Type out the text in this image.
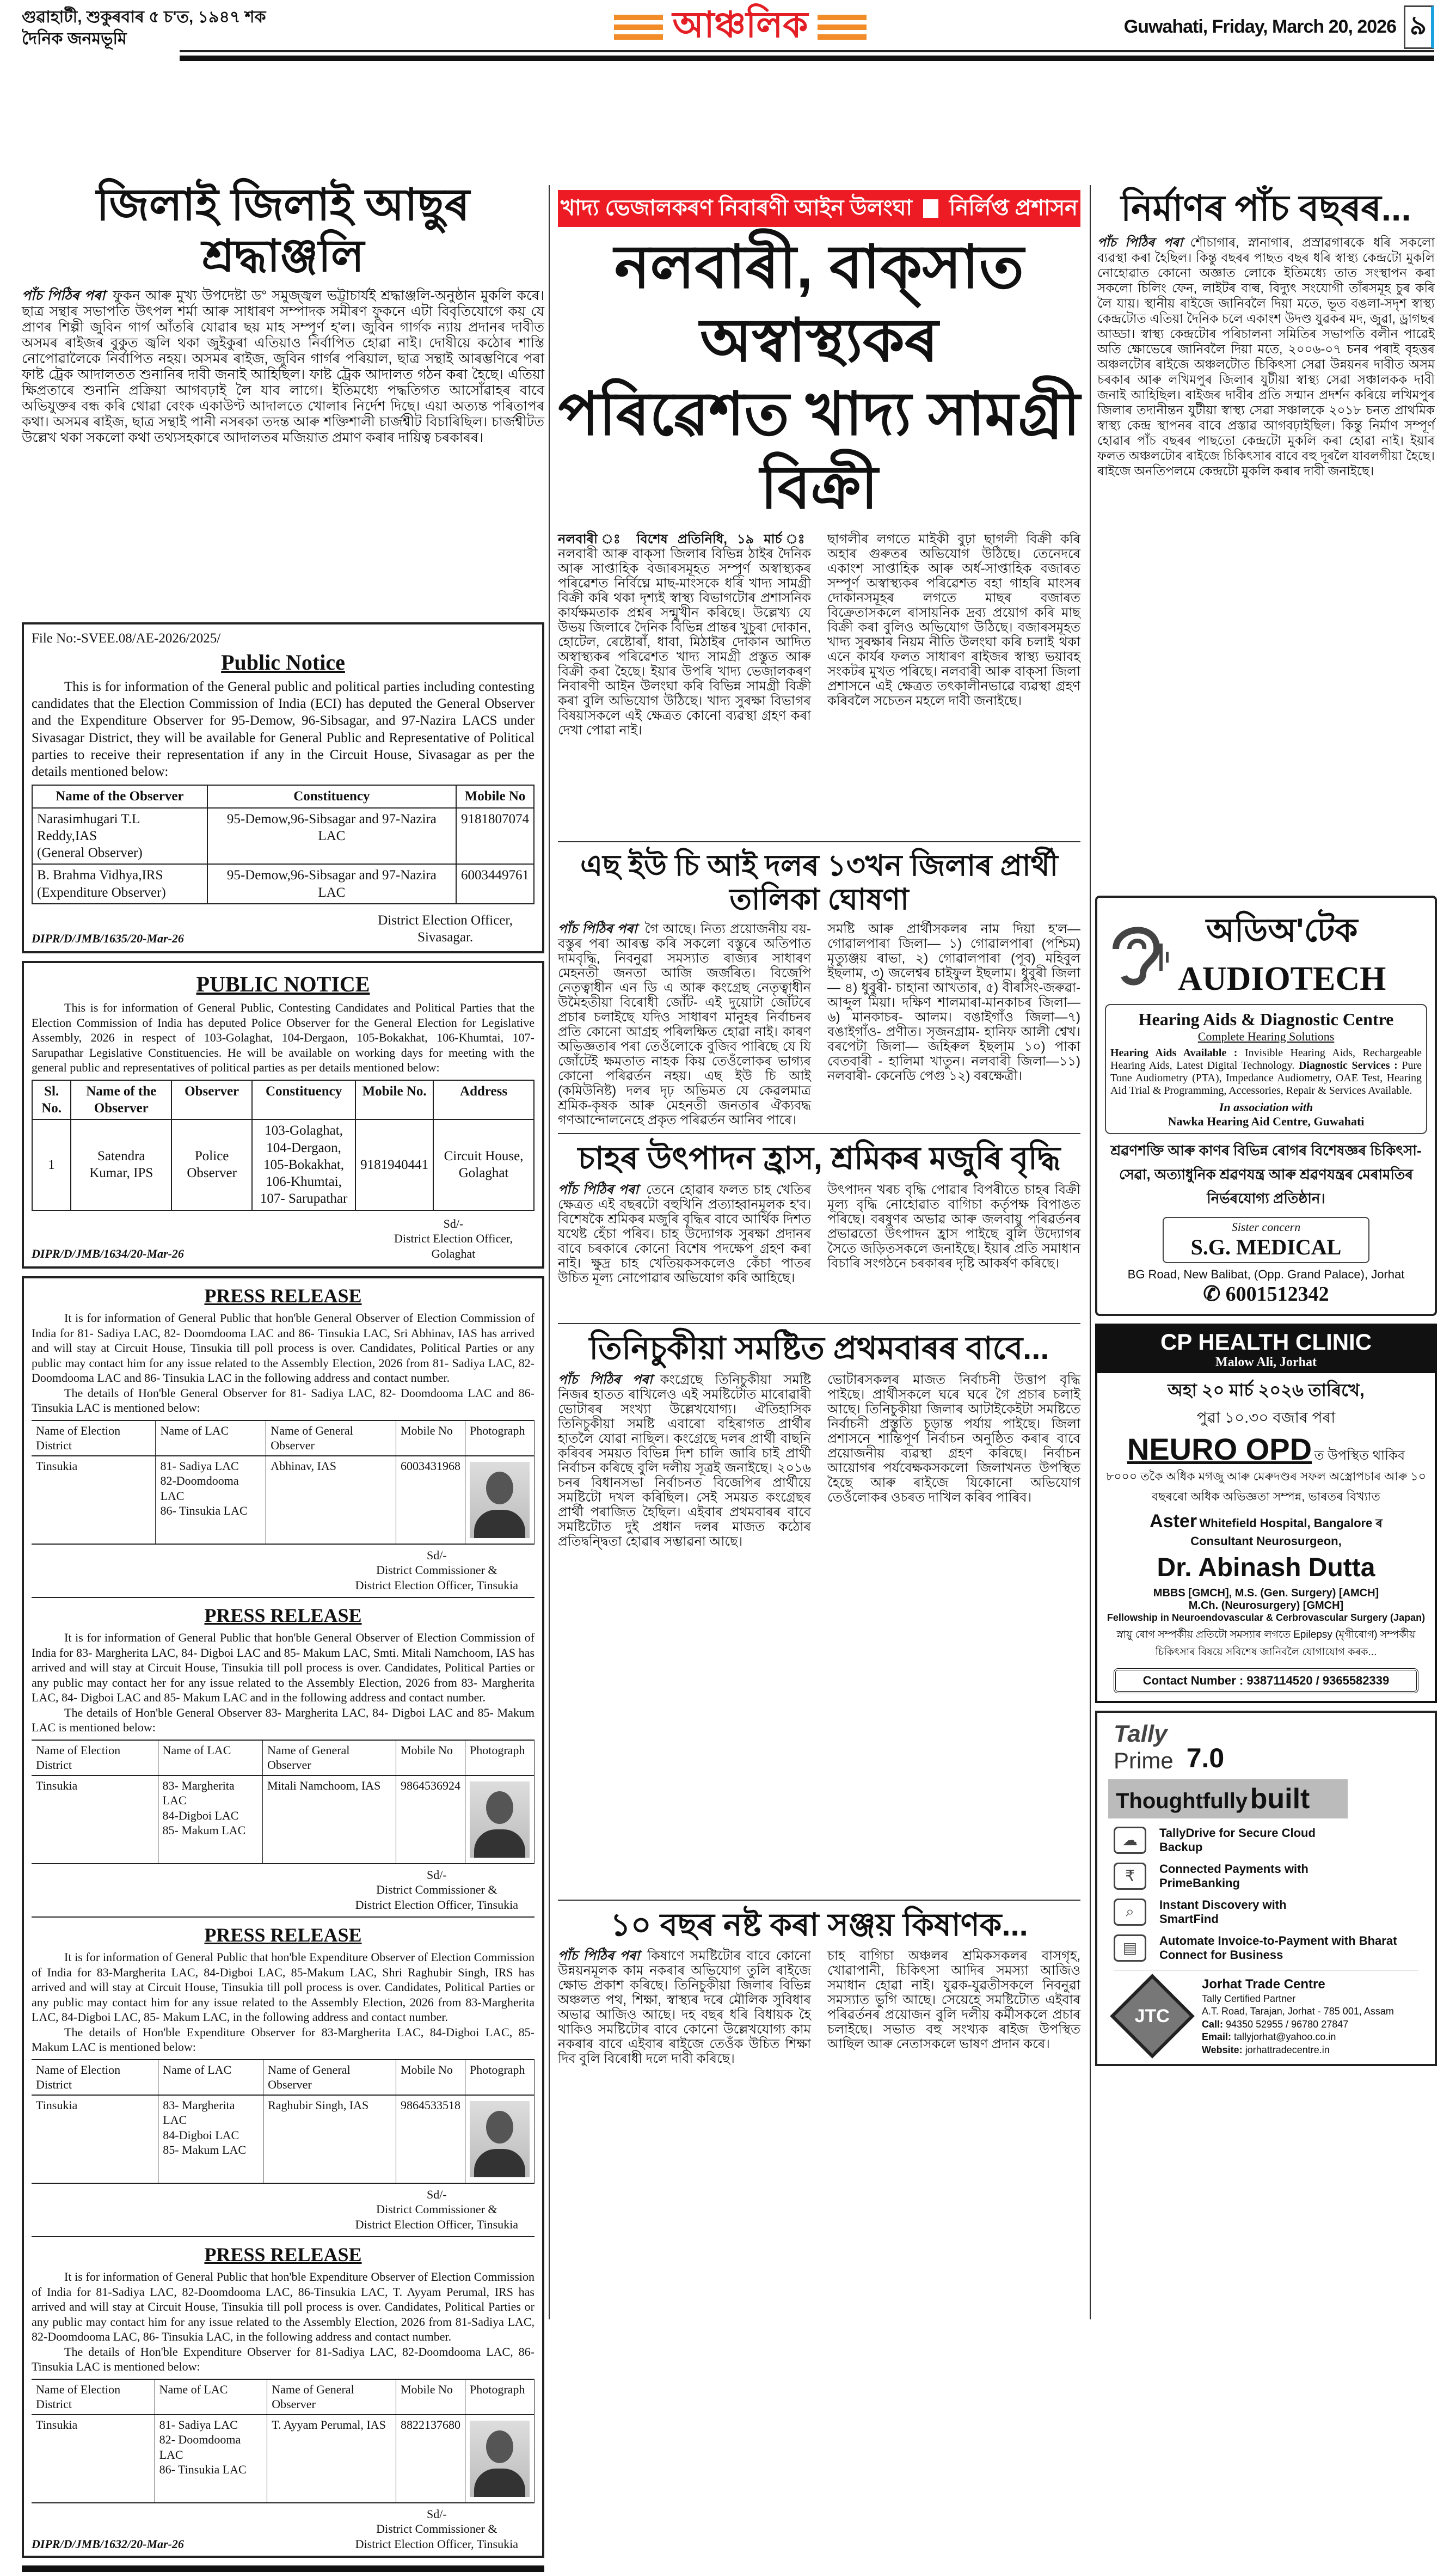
গুৱাহাটী, শুকুৰবাৰ ৫ চ'ত, ১৯৪৭ শক
দৈনিক জনমভূমি	আঞ্চলিক	Guwahati, Friday, March 20, 2026 ৯
জিলাই জিলাই আছুৰ শ্ৰদ্ধাঞ্জলি
পাঁচ পিঠিৰ পৰা ফুকন আৰু মুখ্য উপদেষ্টা ড° সমুজ্জ্বল ভট্টাচাৰ্যই শ্ৰদ্ধাঞ্জলি-অনুষ্ঠান মুকলি কৰে। ছাত্ৰ সন্থাৰ সভাপতি উৎপল শৰ্মা আৰু সাধাৰণ সম্পাদক সমীৰণ ফুকনে এটা বিবৃতিযোগে কয় যে প্ৰাণৰ শিল্পী জুবিন গাৰ্গ আঁতৰি যোৱাৰ ছয় মাহ সম্পূৰ্ণ হ'ল। জুবিন গাৰ্গক ন্যায় প্ৰদানৰ দাবীত অসমৰ ৰাইজৰ বুকুত জ্বলি থকা জুইকুৰা এতিয়াও নিৰ্বাপিত হোৱা নাই। দোষীয়ে কঠোৰ শাস্তি নোপোৱালৈকে নিৰ্বাপিত নহয়। অসমৰ ৰাইজ, জুবিন গাৰ্গৰ পৰিয়াল, ছাত্ৰ সন্থাই আৰম্ভণিৰে পৰা ফাষ্ট ট্ৰেক আদালতত শুনানিৰ দাবী জনাই আহিছিল। ফাষ্ট ট্ৰেক আদালত গঠন কৰা হৈছে। এতিয়া ক্ষিপ্ৰতাৰে শুনানি প্ৰক্ৰিয়া আগবঢ়াই লৈ যাব লাগে। ইতিমধ্যে পদ্ধতিগত আসোঁৱাহৰ বাবে অভিযুক্তৰ বন্ধ কৰি থোৱা বেংক একাউণ্ট আদালতে খোলাৰ নিৰ্দেশ দিছে। এয়া অত্যন্ত পৰিতাপৰ কথা। অসমৰ ৰাইজ, ছাত্ৰ সন্থাই পানী নসৰকা তদন্ত আৰু শক্তিশালী চাৰ্জশ্বীট বিচাৰিছিল। চাৰ্জশ্বীটত উল্লেখ থকা সকলো কথা তথ্যসহকাৰে আদালতৰ মজিয়াত প্ৰমাণ কৰাৰ দায়িত্ব চৰকাৰৰ।
File No:-SVEE.08/AE-2026/2025/
Public Notice

This is for information of the General public and political parties including contesting candidates that the Election Commission of India (ECI) has deputed the General Observer and the Expenditure Observer for 95-Demow, 96-Sibsagar, and 97-Nazira LACS under Sivasagar District, they will be available for General Public and Representative of Political parties to receive their representation if any in the Circuit House, Sivasagar as per the details mentioned below:

Name of the Observer	Constituency	Mobile No

Narasimhugari T.L Reddy,IAS
(General Observer)	95-Demow,96-Sibsagar and 97-Nazira LAC	9181807074

B. Brahma Vidhya,IRS
(Expenditure Observer)	95-Demow,96-Sibsagar and 97-Nazira LAC	6003449761
DIPR/D/JMB/1635/20-Mar-26
District Election Officer,
Sivasagar.
PUBLIC NOTICE

This is for information of General Public, Contesting Candidates and Political Parties that the Election Commission of India has deputed Police Observer for the General Election for Legislative Assembly, 2026 in respect of 103-Golaghat, 104-Dergaon, 105-Bokakhat, 106-Khumtai, 107- Sarupathar Legislative Constituencies. He will be available on working days for meeting with the general public and representatives of political parties as per details mentioned below:

Sl. No.	Name of the Observer	Observer	Constituency	Mobile No.	Address
1	Satendra Kumar, IPS	Police Observer	103-Golaghat, 104-Dergaon, 105-Bokakhat, 106-Khumtai, 107- Sarupathar	9181940441	Circuit House, Golaghat
DIPR/D/JMB/1634/20-Mar-26
Sd/-
District Election Officer,
Golaghat
PRESS RELEASE

It is for information of General Public that hon'ble General Observer of Election Commission of India for 81- Sadiya LAC, 82- Doomdooma LAC and 86- Tinsukia LAC, Sri Abhinav, IAS has arrived and will stay at Circuit House, Tinsukia till poll process is over. Candidates, Political Parties or any public may contact him for any issue related to the Assembly Election, 2026 from 81- Sadiya LAC, 82- Doomdooma LAC and 86- Tinsukia LAC in the following address and contact number.

The details of Hon'ble General Observer for 81- Sadiya LAC, 82- Doomdooma LAC and 86- Tinsukia LAC is mentioned below:

Name of Election District	Name of LAC	Name of General Observer	Mobile No	Photograph
Tinsukia	81- Sadiya LAC
82-Doomdooma LAC
86- Tinsukia LAC	Abhinav, IAS	6003431968	
Sd/-
District Commissioner &
District Election Officer, Tinsukia
PRESS RELEASE

It is for information of General Public that hon'ble General Observer of Election Commission of India for 83- Margherita LAC, 84- Digboi LAC and 85- Makum LAC, Smti. Mitali Namchoom, IAS has arrived and will stay at Circuit House, Tinsukia till poll process is over. Candidates, Political Parties or any public may contact her for any issue related to the Assembly Election, 2026 from 83- Margherita LAC, 84- Digboi LAC and 85- Makum LAC and in the following address and contact number.

The details of Hon'ble General Observer 83- Margherita LAC, 84- Digboi LAC and 85- Makum LAC is mentioned below:

Name of Election District	Name of LAC	Name of General Observer	Mobile No	Photograph
Tinsukia	83- Margherita LAC
84-Digboi LAC
85- Makum LAC	Mitali Namchoom, IAS	9864536924	
Sd/-
District Commissioner &
District Election Officer, Tinsukia
PRESS RELEASE

It is for information of General Public that hon'ble Expenditure Observer of Election Commission of India for 83-Margherita LAC, 84-Digboi LAC, 85-Makum LAC, Shri Raghubir Singh, IRS has arrived and will stay at Circuit House, Tinsukia till poll process is over. Candidates, Political Parties or any public may contact him for any issue related to the Assembly Election, 2026 from 83-Margherita LAC, 84-Digboi LAC, 85- Makum LAC, in the following address and contact number.

The details of Hon'ble Expenditure Observer for 83-Margherita LAC, 84-Digboi LAC, 85-Makum LAC is mentioned below:

Name of Election District	Name of LAC	Name of General Observer	Mobile No	Photograph
Tinsukia	83- Margherita LAC
84-Digboi LAC
85- Makum LAC	Raghubir Singh, IAS	9864533518	
Sd/-
District Commissioner &
District Election Officer, Tinsukia
PRESS RELEASE

It is for information of General Public that hon'ble Expenditure Observer of Election Commission of India for 81-Sadiya LAC, 82-Doomdooma LAC, 86-Tinsukia LAC, T. Ayyam Perumal, IRS has arrived and will stay at Circuit House, Tinsukia till poll process is over. Candidates, Political Parties or any public may contact him for any issue related to the Assembly Election, 2026 from 81-Sadiya LAC, 82-Doomdooma LAC, 86- Tinsukia LAC, in the following address and contact number.

The details of Hon'ble Expenditure Observer for 81-Sadiya LAC, 82-Doomdooma LAC, 86-Tinsukia LAC is mentioned below:

Name of Election District	Name of LAC	Name of General Observer	Mobile No	Photograph
Tinsukia	81- Sadiya LAC
82- Doomdooma LAC
86- Tinsukia LAC	T. Ayyam Perumal, IAS	8822137680	
DIPR/D/JMB/1632/20-Mar-26
Sd/-
District Commissioner &
District Election Officer, Tinsukia
খাদ্য ভেজালকৰণ নিবাৰণী আইন উলংঘা নিৰ্লিপ্ত প্ৰশাসন
নলবাৰী, বাক্‌সাত অস্বাস্থ্যকৰ
পৰিৱেশত খাদ্য সামগ্ৰী বিক্ৰী
নলবাৰী ঃ বিশেষ প্ৰতিনিধি, ১৯ মাৰ্চ ঃ নলবাৰী আৰু বাক্‌সা জিলাৰ বিভিন্ন ঠাইৰ দৈনিক আৰু সাপ্তাহিক বজাৰসমূহত সম্পূৰ্ণ অস্বাস্থ্যকৰ পৰিৱেশত নিৰ্বিঘ্নে মাছ-মাংসকে ধৰি খাদ্য সামগ্ৰী বিক্ৰী কৰি থকা দৃশ্যই স্বাস্থ্য বিভাগটোৰ প্ৰশাসনিক কাৰ্যক্ষমতাক প্ৰশ্নৰ সন্মুখীন কৰিছে। উল্লেখ্য যে উভয় জিলাৰে দৈনিক বিভিন্ন প্ৰান্তৰ খুচুৰা দোকান, হোটেল, ৰেষ্টোৰাঁ, ধাবা, মিঠাইৰ দোকান আদিত অস্বাস্থ্যকৰ পৰিৱেশত খাদ্য সামগ্ৰী প্ৰস্তুত আৰু বিক্ৰী কৰা হৈছে। ইয়াৰ উপৰি খাদ্য ভেজালকৰণ নিবাৰণী আইন উলংঘা কৰি বিভিন্ন সামগ্ৰী বিক্ৰী কৰা বুলি অভিযোগ উঠিছে। খাদ্য সুৰক্ষা বিভাগৰ বিষয়াসকলে এই ক্ষেত্ৰত কোনো ব্যৱস্থা গ্ৰহণ কৰা দেখা পোৱা নাই।
ছাগলীৰ লগতে মাইকী বুঢ়া ছাগলী বিক্ৰী কৰি অহাৰ গুৰুতৰ অভিযোগ উঠিছে। তেনেদৰে একাংশ সাপ্তাহিক আৰু অৰ্ধ-সাপ্তাহিক বজাৰত সম্পূৰ্ণ অস্বাস্থ্যকৰ পৰিৱেশত বহা গাহৰি মাংসৰ দোকানসমূহৰ লগতে মাছৰ বজাৰত বিক্ৰেতাসকলে ৰাসায়নিক দ্ৰব্য প্ৰয়োগ কৰি মাছ বিক্ৰী কৰা বুলিও অভিযোগ উঠিছে। বজাৰসমূহত খাদ্য সুৰক্ষাৰ নিয়ম নীতি উলংঘা কৰি চলাই থকা এনে কাৰ্যৰ ফলত সাধাৰণ ৰাইজৰ স্বাস্থ্য ভয়াবহ সংকটৰ মুখত পৰিছে। নলবাৰী আৰু বাক্‌সা জিলা প্ৰশাসনে এই ক্ষেত্ৰত তৎকালীনভাৱে ব্যৱস্থা গ্ৰহণ কৰিবলৈ সচেতন মহলে দাবী জনাইছে।
এছ ইউ চি আই দলৰ ১৩খন জিলাৰ প্ৰাৰ্থী তালিকা ঘোষণা
পাঁচ পিঠিৰ পৰা গৈ আছে। নিত্য প্ৰয়োজনীয় বয়-বস্তুৰ পৰা আৰম্ভ কৰি সকলো বস্তুৰে অতিপাত দামবৃদ্ধি, নিবনুৱা সমস্যাত ৰাজ্যৰ সাধাৰণ মেহনতী জনতা আজি জৰ্জৰিত। বিজেপি নেতৃত্বাধীন এন ডি এ আৰু কংগ্ৰেছ নেতৃত্বাধীন উমৈহতীয়া বিৰোধী জোঁট- এই দুয়োটা জোঁটৰে প্ৰচাৰ চলাইছে যদিও সাধাৰণ মানুহৰ নিৰ্বাচনৰ প্ৰতি কোনো আগ্ৰহ পৰিলক্ষিত হোৱা নাই। কাৰণ অভিজ্ঞতাৰ পৰা তেওঁলোকে বুজিব পাৰিছে যে যি জোঁটেই ক্ষমতাত নাহক কিয় তেওঁলোকৰ ভাগ্যৰ কোনো পৰিৱৰ্তন নহয়। এছ ইউ চি আই (কমিউনিষ্ট) দলৰ দৃঢ় অভিমত যে কেৱলমাত্ৰ শ্ৰমিক-কৃষক আৰু মেহনতী জনতাৰ ঐক্যবদ্ধ গণআন্দোলনেহে প্ৰকৃত পৰিৱৰ্তন আনিব পাৰে।
সমষ্টি আৰু প্ৰাৰ্থীসকলৰ নাম দিয়া হ'ল— গোৱালপাৰা জিলা— ১) গোৱালপাৰা (পশ্চিম) মৃত্যুঞ্জয় ৰাভা, ২) গোৱালপাৰা (পূব) মহিবুল ইছলাম, ৩) জলেশ্বৰ চাইফুল ইছলাম। ধুবুৰী জিলা— ৪) ধুবুৰী- চাহানা আখতাৰ, ৫) বীৰসিং-জৰুৱা- আব্দুল মিয়া। দক্ষিণ শালমাৰা-মানকাচৰ জিলা— ৬) মানকাচৰ- আলম। বঙাইগাঁও জিলা—৭) বঙাইগাঁও- প্ৰণীত। সৃজনগ্ৰাম- হানিফ আলী শ্বেখ। বৰপেটা জিলা— জহিৰুল ইছলাম ১০) পাকা বেতবাৰী - হালিমা খাতুন। নলবাৰী জিলা—১১) নলবাৰী- কেনেডি পেগু ১২) বৰক্ষেত্ৰী।
চাহৰ উৎপাদন হ্ৰাস, শ্ৰমিকৰ মজুৰি বৃদ্ধি
পাঁচ পিঠিৰ পৰা তেনে হোৱাৰ ফলত চাহ খেতিৰ ক্ষেত্ৰত এই বছৰটো বহুখিনি প্ৰত্যাহ্বানমূলক হ'ব। বিশেষকৈ শ্ৰমিকৰ মজুৰি বৃদ্ধিৰ বাবে আৰ্থিক দিশত যথেষ্ট হেঁচা পৰিব। চাহ উদ্যোগক সুৰক্ষা প্ৰদানৰ বাবে চৰকাৰে কোনো বিশেষ পদক্ষেপ গ্ৰহণ কৰা নাই। ক্ষুদ্ৰ চাহ খেতিয়কসকলেও কেঁচা পাতৰ উচিত মূল্য নোপোৱাৰ অভিযোগ কৰি আহিছে।
উৎপাদন খৰচ বৃদ্ধি পোৱাৰ বিপৰীতে চাহৰ বিক্ৰী মূল্য বৃদ্ধি নোহোৱাত বাগিচা কৰ্তৃপক্ষ বিপাঙত পৰিছে। বৰষুণৰ অভাৱ আৰু জলবায়ু পৰিৱৰ্তনৰ প্ৰভাৱতো উৎপাদন হ্ৰাস পাইছে বুলি উদ্যোগৰ সৈতে জড়িতসকলে জনাইছে। ইয়াৰ প্ৰতি সমাধান বিচাৰি সংগঠনে চৰকাৰৰ দৃষ্টি আকৰ্ষণ কৰিছে।
তিনিচুকীয়া সমষ্টিত প্ৰথমবাৰৰ বাবে...
পাঁচ পিঠিৰ পৰা কংগ্ৰেছে তিনিচুকীয়া সমষ্টি নিজৰ হাতত ৰাখিলেও এই সমষ্টিটোত মাৰোৱাৰী ভোটাৰৰ সংখ্যা উল্লেখযোগ্য। ঐতিহাসিক তিনিচুকীয়া সমষ্টি এবাৰো বহিৰাগত প্ৰাৰ্থীৰ হাতলৈ যোৱা নাছিল। কংগ্ৰেছে দলৰ প্ৰাৰ্থী বাছনি কৰিবৰ সময়ত বিভিন্ন দিশ চালি জাৰি চাই প্ৰাৰ্থী নিৰ্বাচন কৰিছে বুলি দলীয় সূত্ৰই জনাইছে। ২০১৬ চনৰ বিধানসভা নিৰ্বাচনত বিজেপিৰ প্ৰাৰ্থীয়ে সমষ্টিটো দখল কৰিছিল। সেই সময়ত কংগ্ৰেছৰ প্ৰাৰ্থী পৰাজিত হৈছিল। এইবাৰ প্ৰথমবাৰৰ বাবে সমষ্টিটোত দুই প্ৰধান দলৰ মাজত কঠোৰ প্ৰতিদ্বন্দ্বিতা হোৱাৰ সম্ভাৱনা আছে।
ভোটাৰসকলৰ মাজত নিৰ্বাচনী উত্তাপ বৃদ্ধি পাইছে। প্ৰাৰ্থীসকলে ঘৰে ঘৰে গৈ প্ৰচাৰ চলাই আছে। তিনিচুকীয়া জিলাৰ আটাইকেইটা সমষ্টিতে নিৰ্বাচনী প্ৰস্তুতি চূড়ান্ত পৰ্যায় পাইছে। জিলা প্ৰশাসনে শান্তিপূৰ্ণ নিৰ্বাচন অনুষ্ঠিত কৰাৰ বাবে প্ৰয়োজনীয় ব্যৱস্থা গ্ৰহণ কৰিছে। নিৰ্বাচন আয়োগৰ পৰ্যবেক্ষকসকলো জিলাখনত উপস্থিত হৈছে আৰু ৰাইজে যিকোনো অভিযোগ তেওঁলোকৰ ওচৰত দাখিল কৰিব পাৰিব।
১০ বছৰ নষ্ট কৰা সঞ্জয় কিষাণক...
পাঁচ পিঠিৰ পৰা কিষাণে সমষ্টিটোৰ বাবে কোনো উন্নয়নমূলক কাম নকৰাৰ অভিযোগ তুলি ৰাইজে ক্ষোভ প্ৰকাশ কৰিছে। তিনিচুকীয়া জিলাৰ বিভিন্ন অঞ্চলত পথ, শিক্ষা, স্বাস্থ্যৰ দৰে মৌলিক সুবিধাৰ অভাৱ আজিও আছে। দহ বছৰ ধৰি বিধায়ক হৈ থাকিও সমষ্টিটোৰ বাবে কোনো উল্লেখযোগ্য কাম নকৰাৰ বাবে এইবাৰ ৰাইজে তেওঁক উচিত শিক্ষা দিব বুলি বিৰোধী দলে দাবী কৰিছে।
চাহ বাগিচা অঞ্চলৰ শ্ৰমিকসকলৰ বাসগৃহ, খোৱাপানী, চিকিৎসা আদিৰ সমস্যা আজিও সমাধান হোৱা নাই। যুৱক-যুৱতীসকলে নিবনুৱা সমস্যাত ভুগি আছে। সেয়েহে সমষ্টিটোত এইবাৰ পৰিৱৰ্তনৰ প্ৰয়োজন বুলি দলীয় কৰ্মীসকলে প্ৰচাৰ চলাইছে। সভাত বহু সংখ্যক ৰাইজ উপস্থিত আছিল আৰু নেতাসকলে ভাষণ প্ৰদান কৰে।
নিৰ্মাণৰ পাঁচ বছৰৰ...
পাঁচ পিঠিৰ পৰা শৌচাগাৰ, স্নানাগাৰ, প্ৰস্ৰাৱগাৰকে ধৰি সকলো ব্যৱস্থা কৰা হৈছিল। কিন্তু বছৰৰ পাছত বছৰ ধৰি স্বাস্থ্য কেন্দ্ৰটো মুকলি নোহোৱাত কোনো অজ্ঞাত লোকে ইতিমধ্যে তাত সংস্থাপন কৰা সকলো চিলিং ফেন, লাইটৰ বাল্ব, বিদ্যুৎ সংযোগী তাঁৰসমূহ চুৰ কৰি লৈ যায়। স্থানীয় ৰাইজে জানিবলৈ দিয়া মতে, ভূত বঙলা-সদৃশ স্বাস্থ্য কেন্দ্ৰটোত এতিয়া দৈনিক চলে একাংশ উদণ্ড যুৱকৰ মদ, জুৱা, ড্ৰাগছৰ আড্ডা। স্বাস্থ্য কেন্দ্ৰটোৰ পৰিচালনা সমিতিৰ সভাপতি বলীন পাৱেই অতি ক্ষোভেৰে জানিবলৈ দিয়া মতে, ২০০৬-০৭ চনৰ পৰাই বৃহত্তৰ অঞ্চলটোৰ ৰাইজে অঞ্চলটোত চিকিৎসা সেৱা উন্নয়নৰ দাবীত অসম চৰকাৰ আৰু লখিমপুৰ জিলাৰ যুটীয়া স্বাস্থ্য সেৱা সঞ্চালকক দাবী জনাই আহিছিল। ৰাইজৰ দাবীৰ প্ৰতি সন্মান প্ৰদৰ্শন কৰিয়ে লখিমপুৰ জিলাৰ তদানীন্তন যুটীয়া স্বাস্থ্য সেৱা সঞ্চালকে ২০১৮ চনত প্ৰাথমিক স্বাস্থ্য কেন্দ্ৰ স্থাপনৰ বাবে প্ৰস্তাৱ আগবঢ়াইছিল। কিন্তু নিৰ্মাণ সম্পূৰ্ণ হোৱাৰ পাঁচ বছৰৰ পাছতো কেন্দ্ৰটো মুকলি কৰা হোৱা নাই। ইয়াৰ ফলত অঞ্চলটোৰ ৰাইজে চিকিৎসাৰ বাবে বহু দূৰলৈ যাবলগীয়া হৈছে। ৰাইজে অনতিপলমে কেন্দ্ৰটো মুকলি কৰাৰ দাবী জনাইছে।
অডিঅ'টেক
AUDIOTECH
Hearing Aids & Diagnostic Centre
Complete Hearing Solutions
Hearing Aids Available : Invisible Hearing Aids, Rechargeable Hearing Aids, Latest Digital Technology. Diagnostic Services : Pure Tone Audiometry (PTA), Impedance Audiometry, OAE Test, Hearing Aid Trial & Programming, Accessories, Repair & Services Available.
In association with
Nawka Hearing Aid Centre, Guwahati
শ্ৰৱণশক্তি আৰু কাণৰ বিভিন্ন ৰোগৰ বিশেষজ্ঞৰ চিকিৎসা-সেৱা, অত্যাধুনিক শ্ৰৱণযন্ত্ৰ আৰু শ্ৰৱণযন্ত্ৰৰ মেৰামতিৰ নিৰ্ভৰযোগ্য প্ৰতিষ্ঠান।
Sister concern
S.G. MEDICAL
BG Road, New Balibat, (Opp. Grand Palace), Jorhat
✆ 6001512342
CP HEALTH CLINIC
Malow Ali, Jorhat
অহা ২০ মাৰ্চ ২০২৬ তাৰিখে,
পুৱা ১০.৩০ বজাৰ পৰা
NEURO OPD ত উপস্থিত থাকিব
৮০০০ তকৈ অধিক মগজু আৰু মেৰুদণ্ডৰ সফল অস্ত্ৰোপচাৰ আৰু ১০ বছৰৰো অধিক অভিজ্ঞতা সম্পন্ন, ভাৰতৰ বিখ্যাত
Aster Whitefield Hospital, Bangalore ৰ
Consultant Neurosurgeon,
Dr. Abinash Dutta
MBBS [GMCH], M.S. (Gen. Surgery) [AMCH]
M.Ch. (Neurosurgery) [GMCH]
Fellowship in Neuroendovascular & Cerbrovascular Surgery (Japan)
স্নায়ু ৰোগ সম্পৰ্কীয় প্ৰতিটো সমস্যাৰ লগতে Epilepsy (মৃগীৰোগ) সম্পৰ্কীয় চিকিৎসাৰ বিষয়ে সবিশেষ জানিবলৈ যোগাযোগ কৰক...
Contact Number : 9387114520 / 9365582339
Tally
Prime 7.0
Thoughtfully built
☁	TallyDrive for Secure Cloud Backup
₹	Connected Payments with PrimeBanking
⌕	Instant Discovery with SmartFind
▤	Automate Invoice-to-Payment with Bharat Connect for Business
JTC
Jorhat Trade Centre
Tally Certified Partner
A.T. Road, Tarajan, Jorhat - 785 001, Assam
Call: 94350 52955 / 96780 27847
Email: tallyjorhat@yahoo.co.in
Website: jorhattradecentre.in
